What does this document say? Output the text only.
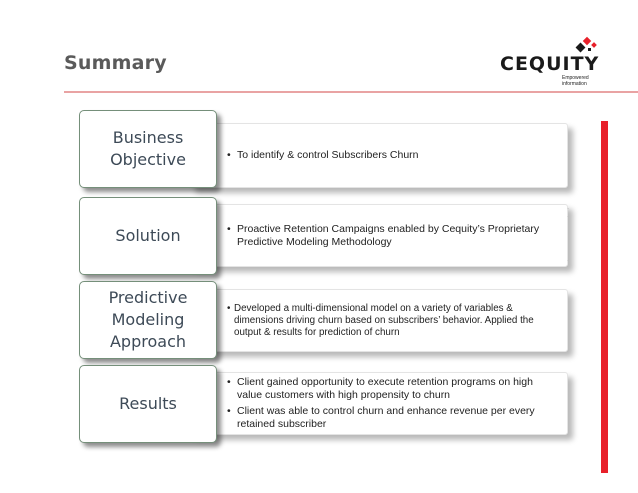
Summary	CEQUITY
Empowered information
• To identify & control Subscribers Churn
Business
Objective
• Proactive Retention Campaigns enabled by Cequity’s Proprietary Predictive Modeling Methodology
.
.
.
Solution
• Developed a multi-dimensional model on a variety of variables & dimensions driving churn based on subscribers’ behavior. Applied the output & results for prediction of churn
Predictive
Modeling
Approach
• Client gained opportunity to execute retention programs on high value customers with high propensity to churn
• Client was able to control churn and enhance revenue per every retained subscriber
Results
